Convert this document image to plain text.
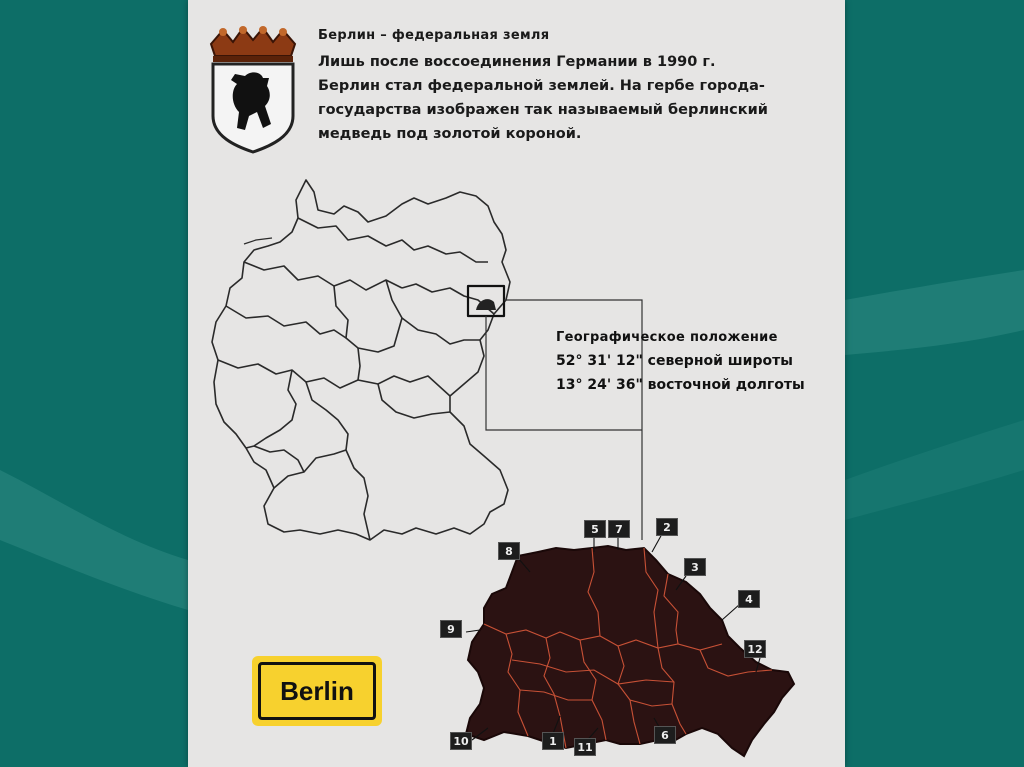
Берлин – федеральная земля

Лишь после воссоединения Германии в 1990 г.
Берлин стал федеральной землей. На гербе города-
государства изображен так называемый берлинский
медведь под золотой короной.

8
5	7	2
3
4
12
9
10	1	11
6
Географическое положение
52° 31' 12" северной широты
13° 24' 36" восточной долготы
Berlin
